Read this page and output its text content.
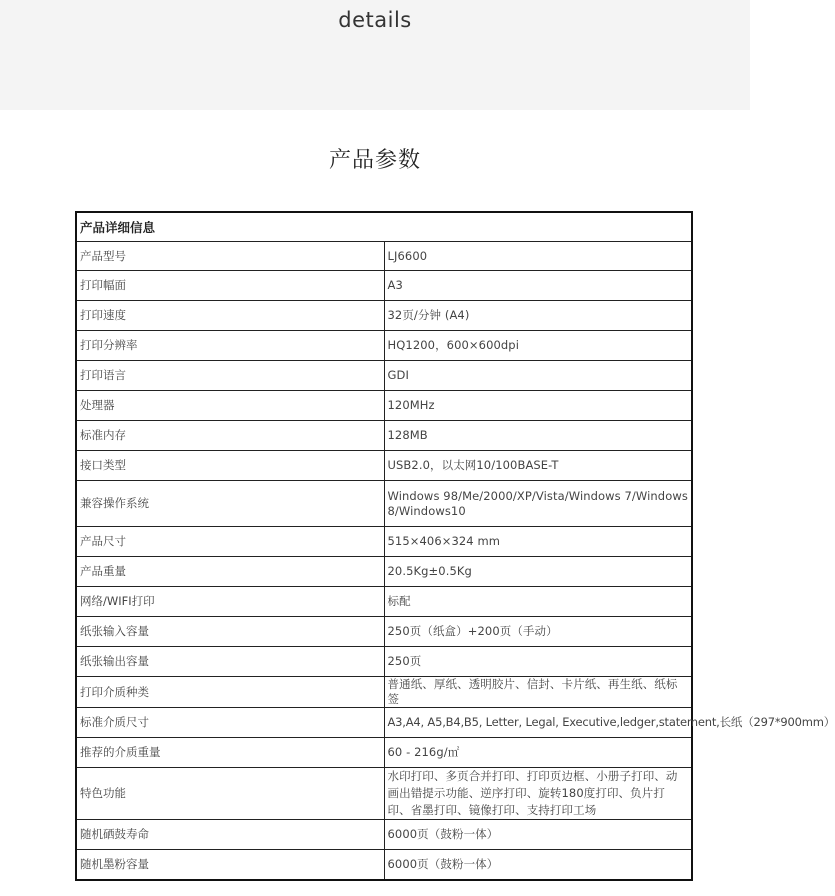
details
产品参数
产品详细信息	
产品型号	LJ6600
打印幅面	A3
打印速度	32页/分钟 (A4)
打印分辨率	HQ1200，600×600dpi
打印语言	GDI
处理器	120MHz
标准内存	128MB
接口类型	USB2.0，以太网10/100BASE-T
兼容操作系统	Windows 98/Me/2000/XP/Vista/Windows 7/Windows 8/Windows10
产品尺寸	515×406×324 mm
产品重量	20.5Kg±0.5Kg
网络/WIFI打印	标配
纸张输入容量	250页（纸盒）+200页（手动）
纸张输出容量	250页
打印介质种类	普通纸、厚纸、透明胶片、信封、卡片纸、再生纸、纸标签
标准介质尺寸	A3,A4, A5,B4,B5, Letter, Legal, Executive,ledger,statement,长纸（297*900mm）
推荐的介质重量	60 - 216g/㎡
特色功能	水印打印、多页合并打印、打印页边框、小册子打印、动画出错提示功能、逆序打印、旋转180度打印、负片打印、省墨打印、镜像打印、支持打印工场
随机硒鼓寿命	6000页（鼓粉一体）
随机墨粉容量	6000页（鼓粉一体）
